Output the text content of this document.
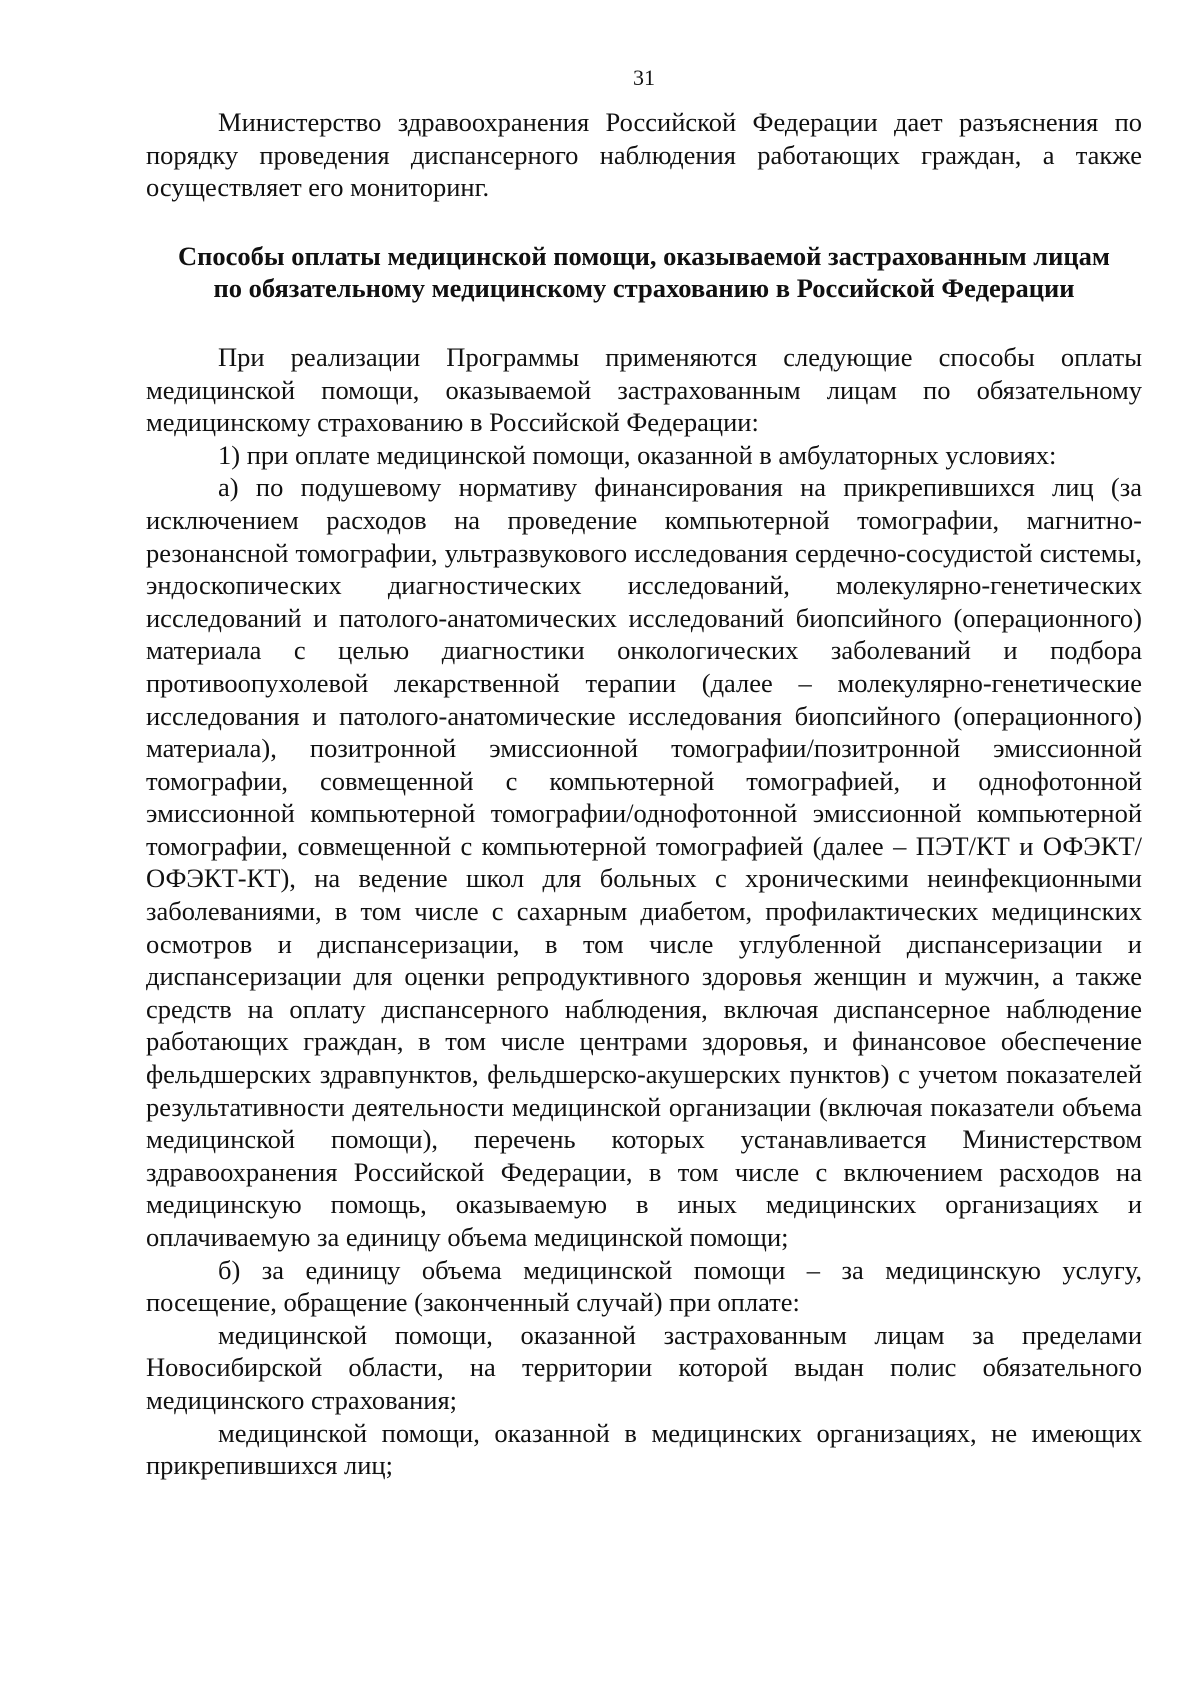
31

Министерство здравоохранения Российской Федерации дает разъяснения по порядку проведения диспансерного наблюдения работающих граждан, а также осуществляет его мониторинг.

Способы оплаты медицинской помощи, оказываемой застрахованным лицам
по обязательному медицинскому страхованию в Российской Федерации

При реализации Программы применяются следующие способы оплаты медицинской помощи, оказываемой застрахованным лицам по обязательному медицинскому страхованию в Российской Федерации:

1) при оплате медицинской помощи, оказанной в амбулаторных условиях:

а) по подушевому нормативу финансирования на прикрепившихся лиц (за исключением расходов на проведение компьютерной томографии, магнитно-резонансной томографии, ультразвукового исследования сердечно-сосудистой системы, эндоскопических диагностических исследований, молекулярно-генетических исследований и патолого-анатомических исследований биопсийного (операционного) материала с целью диагностики онкологических заболеваний и подбора противоопухолевой лекарственной терапии (далее – молекулярно-генетические исследования и патолого-анатомические исследования биопсийного (операционного) материала), позитронной эмиссионной томографии/позитронной эмиссионной томографии, совмещенной с компьютерной томографией, и однофотонной эмиссионной компьютерной томографии/однофотонной эмиссионной компьютерной томографии, совмещенной с компьютерной томографией (далее – ПЭТ/КТ и ОФЭКТ/ОФЭКТ-КТ), на ведение школ для больных с хроническими неинфекционными заболеваниями, в том числе с сахарным диабетом, профилактических медицинских осмотров и диспансеризации, в том числе углубленной диспансеризации и диспансеризации для оценки репродуктивного здоровья женщин и мужчин, а также средств на оплату диспансерного наблюдения, включая диспансерное наблюдение работающих граждан, в том числе центрами здоровья, и финансовое обеспечение фельдшерских здравпунктов, фельдшерско-акушерских пунктов) с учетом показателей результативности деятельности медицинской организации (включая показатели объема медицинской помощи), перечень которых устанавливается Министерством здравоохранения Российской Федерации, в том числе с включением расходов на медицинскую помощь, оказываемую в иных медицинских организациях и оплачиваемую за единицу объема медицинской помощи;

б) за единицу объема медицинской помощи – за медицинскую услугу, посещение, обращение (законченный случай) при оплате:

медицинской помощи, оказанной застрахованным лицам за пределами Новосибирской области, на территории которой выдан полис обязательного медицинского страхования;

медицинской помощи, оказанной в медицинских организациях, не имеющих прикрепившихся лиц;
